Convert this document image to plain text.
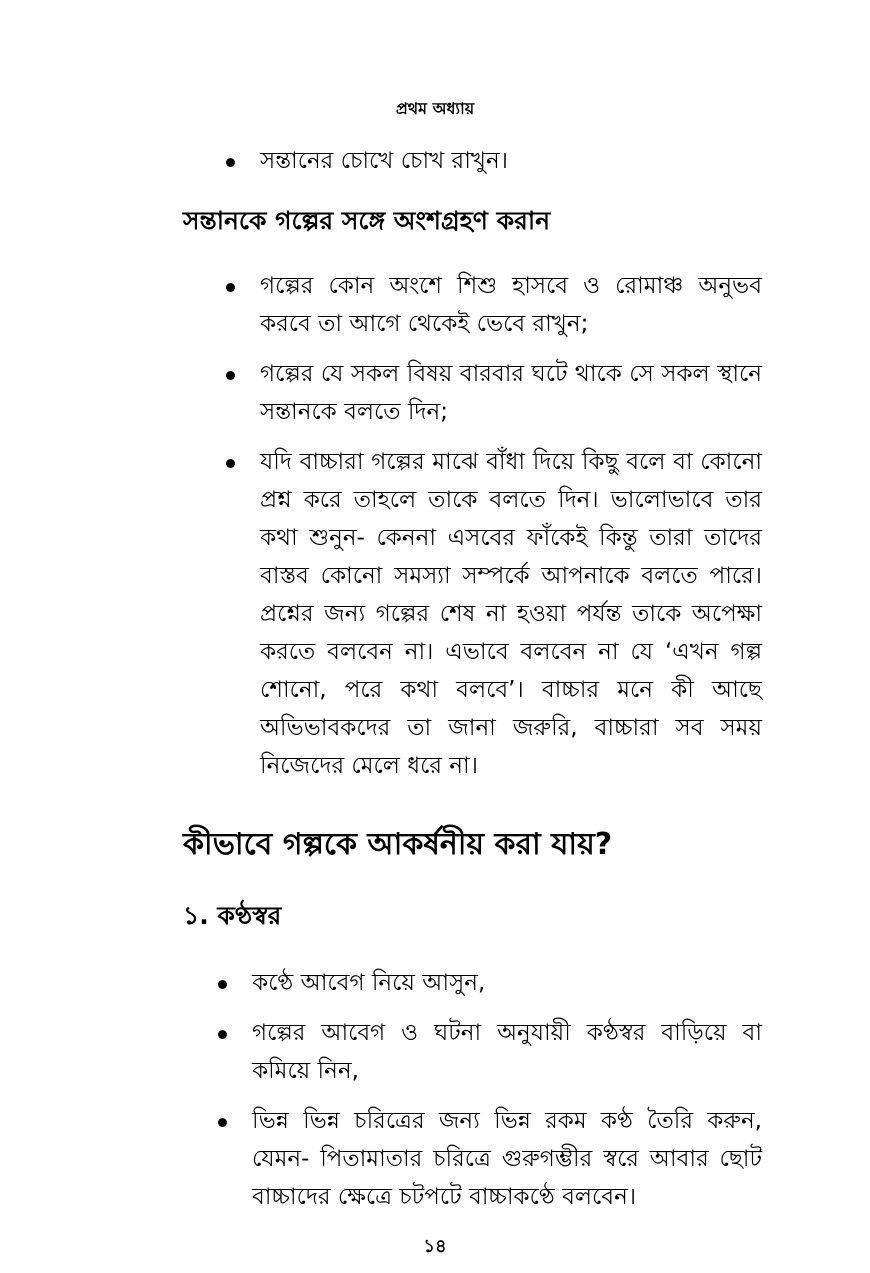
প্রথম অধ্যায়
সন্তানের চোখে চোখ রাখুন।
সন্তানকে গল্পের সঙ্গে অংশগ্রহণ করান
গল্পের কোন অংশে শিশু হাসবে ও রোমাঞ্চ অনুভব করবে তা আগে থেকেই ভেবে রাখুন;
গল্পের যে সকল বিষয় বারবার ঘটে থাকে সে সকল স্থানে সন্তানকে বলতে দিন;
যদি বাচ্চারা গল্পের মাঝে বাঁধা দিয়ে কিছু বলে বা কোনো প্রশ্ন করে তাহলে তাকে বলতে দিন। ভালোভাবে তার কথা শুনুন- কেননা এসবের ফাঁকেই কিন্তু তারা তাদের বাস্তব কোনো সমস্যা সম্পর্কে আপনাকে বলতে পারে। প্রশ্নের জন্য গল্পের শেষ না হওয়া পর্যন্ত তাকে অপেক্ষা করতে বলবেন না। এভাবে বলবেন না যে ‘এখন গল্প শোনো, পরে কথা বলবে’। বাচ্চার মনে কী আছে অভিভাবকদের তা জানা জরুরি, বাচ্চারা সব সময় নিজেদের মেলে ধরে না।
কীভাবে গল্পকে আকর্ষনীয় করা যায়?
১. কণ্ঠস্বর
কণ্ঠে আবেগ নিয়ে আসুন,
গল্পের আবেগ ও ঘটনা অনুযায়ী কণ্ঠস্বর বাড়িয়ে বা কমিয়ে নিন,
ভিন্ন ভিন্ন চরিত্রের জন্য ভিন্ন রকম কণ্ঠ তৈরি করুন, যেমন- পিতামাতার চরিত্রে গুরুগম্ভীর স্বরে আবার ছোট বাচ্চাদের ক্ষেত্রে চটপটে বাচ্চাকণ্ঠে বলবেন।
১৪
